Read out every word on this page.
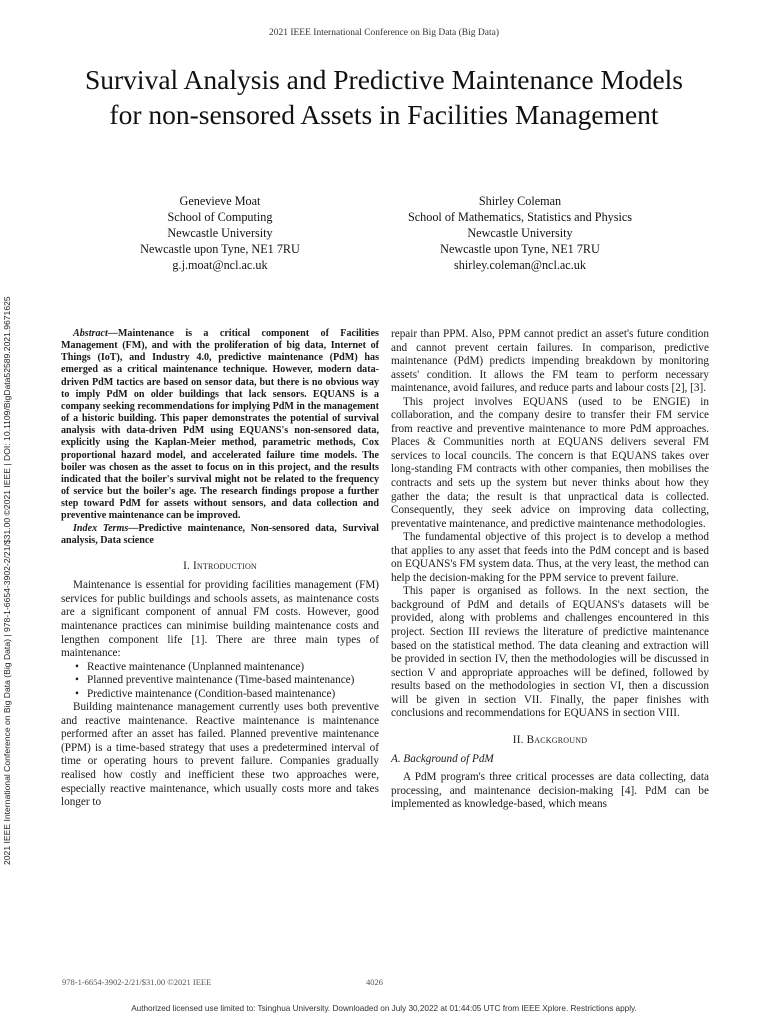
2021 IEEE International Conference on Big Data (Big Data)
2021 IEEE International Conference on Big Data (Big Data) | 978-1-6654-3902-2/21/$31.00 ©2021 IEEE | DOI: 10.1109/BigData52589.2021.9671625
Survival Analysis and Predictive Maintenance Models for non-sensored Assets in Facilities Management
Genevieve Moat
School of Computing
Newcastle University
Newcastle upon Tyne, NE1 7RU
g.j.moat@ncl.ac.uk
Shirley Coleman
School of Mathematics, Statistics and Physics
Newcastle University
Newcastle upon Tyne, NE1 7RU
shirley.coleman@ncl.ac.uk

Abstract—Maintenance is a critical component of Facilities Management (FM), and with the proliferation of big data, Internet of Things (IoT), and Industry 4.0, predictive maintenance (PdM) has emerged as a critical maintenance technique. However, modern data-driven PdM tactics are based on sensor data, but there is no obvious way to imply PdM on older buildings that lack sensors. EQUANS is a company seeking recommendations for implying PdM in the management of a historic building. This paper demonstrates the potential of survival analysis with data-driven PdM using EQUANS's non-sensored data, explicitly using the Kaplan-Meier method, parametric methods, Cox proportional hazard model, and accelerated failure time models. The boiler was chosen as the asset to focus on in this project, and the results indicated that the boiler's survival might not be related to the frequency of service but the boiler's age. The research findings propose a further step toward PdM for assets without sensors, and data collection and preventive maintenance can be improved.

Index Terms—Predictive maintenance, Non-sensored data, Survival analysis, Data science

I. Introduction

Maintenance is essential for providing facilities management (FM) services for public buildings and schools assets, as maintenance costs are a significant component of annual FM costs. However, good maintenance practices can minimise building maintenance costs and lengthen component life [1]. There are three main types of maintenance:

• Reactive maintenance (Unplanned maintenance)
• Planned preventive maintenance (Time-based maintenance)
• Predictive maintenance (Condition-based maintenance)

Building maintenance management currently uses both preventive and reactive maintenance. Reactive maintenance is maintenance performed after an asset has failed. Planned preventive maintenance (PPM) is a time-based strategy that uses a predetermined interval of time or operating hours to prevent failure. Companies gradually realised how costly and inefficient these two approaches were, especially reactive maintenance, which usually costs more and takes longer to

repair than PPM. Also, PPM cannot predict an asset's future condition and cannot prevent certain failures. In comparison, predictive maintenance (PdM) predicts impending breakdown by monitoring assets' condition. It allows the FM team to perform necessary maintenance, avoid failures, and reduce parts and labour costs [2], [3].

This project involves EQUANS (used to be ENGIE) in collaboration, and the company desire to transfer their FM service from reactive and preventive maintenance to more PdM approaches. Places & Communities north at EQUANS delivers several FM services to local councils. The concern is that EQUANS takes over long-standing FM contracts with other companies, then mobilises the contracts and sets up the system but never thinks about how they gather the data; the result is that unpractical data is collected. Consequently, they seek advice on improving data collecting, preventative maintenance, and predictive maintenance methodologies.

The fundamental objective of this project is to develop a method that applies to any asset that feeds into the PdM concept and is based on EQUANS's FM system data. Thus, at the very least, the method can help the decision-making for the PPM service to prevent failure.

This paper is organised as follows. In the next section, the background of PdM and details of EQUANS's datasets will be provided, along with problems and challenges encountered in this project. Section III reviews the literature of predictive maintenance based on the statistical method. The data cleaning and extraction will be provided in section IV, then the methodologies will be discussed in section V and appropriate approaches will be defined, followed by results based on the methodologies in section VI, then a discussion will be given in section VII. Finally, the paper finishes with conclusions and recommendations for EQUANS in section VIII.

II. Background
A. Background of PdM

A PdM program's three critical processes are data collecting, data processing, and maintenance decision-making [4]. PdM can be implemented as knowledge-based, which means

978-1-6654-3902-2/21/$31.00 ©2021 IEEE	4026
Authorized licensed use limited to: Tsinghua University. Downloaded on July 30,2022 at 01:44:05 UTC from IEEE Xplore. Restrictions apply.
